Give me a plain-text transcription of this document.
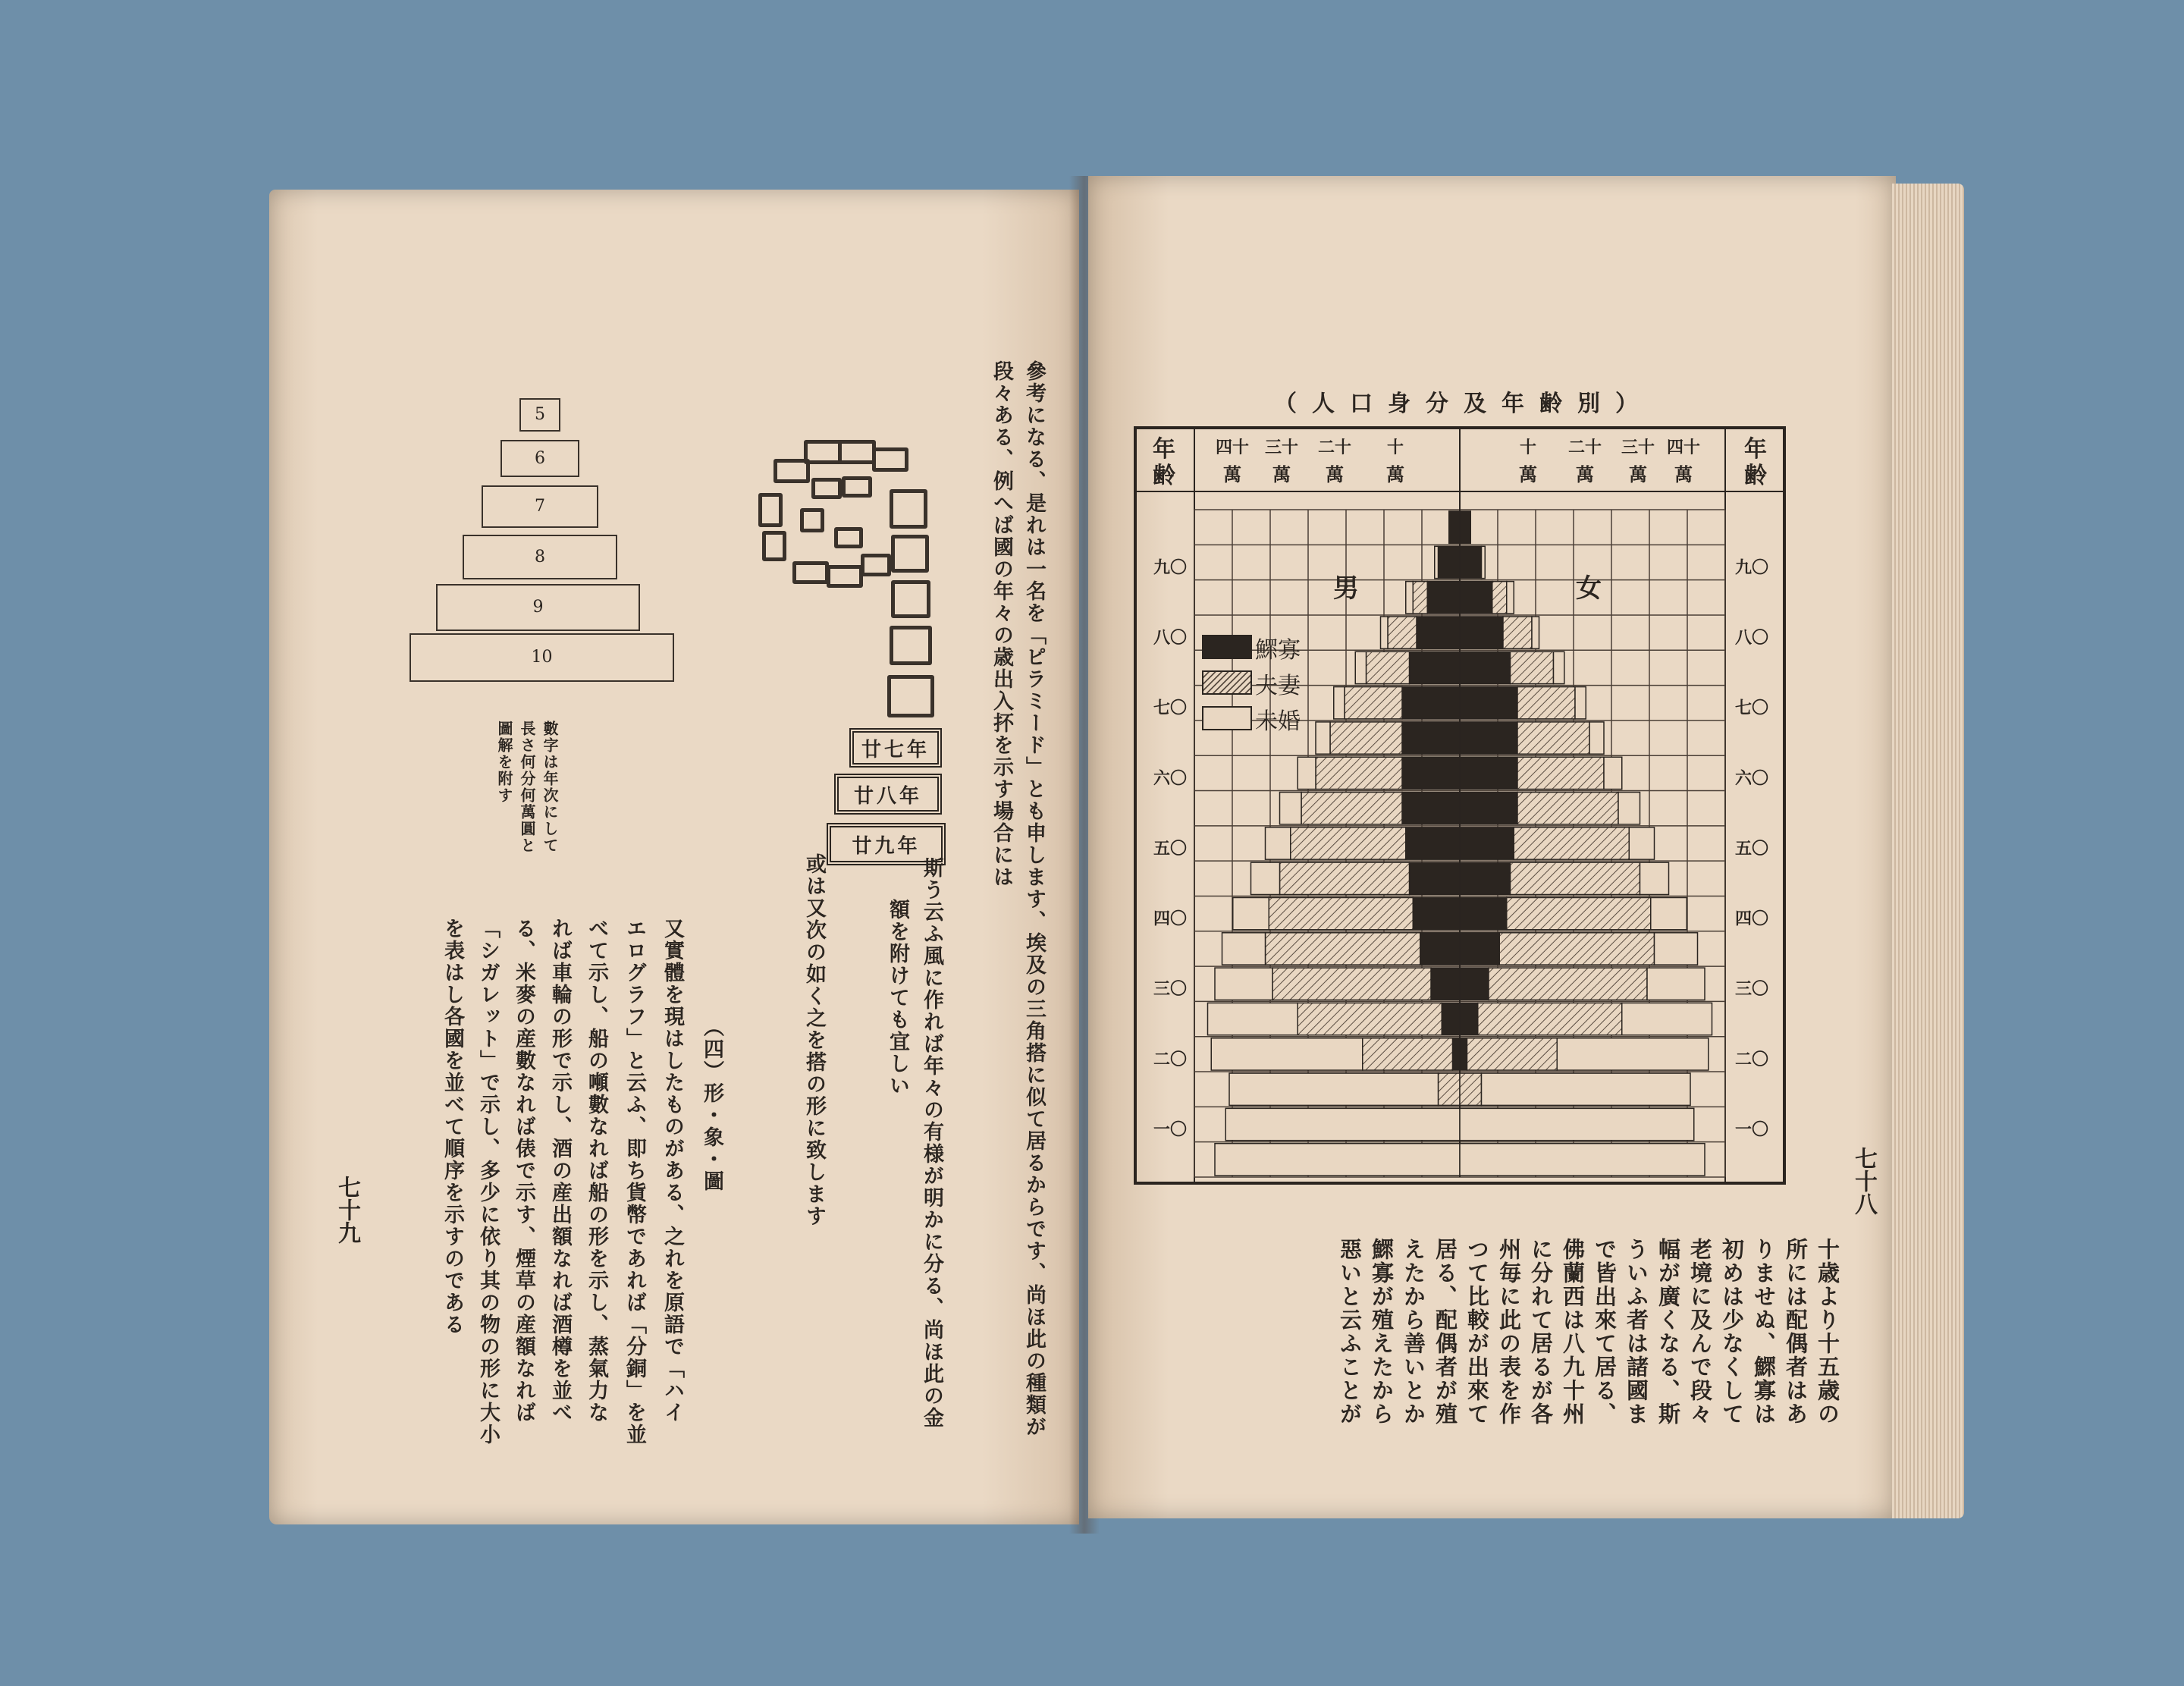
5
6
7
8
9
10
圖解を附す 長さ何分何萬圓と 數字は年次にして	廿七年
廿八年
廿九年	參考になる、是れは一名を「ピラミード」とも申します、埃及の三角搭に似て居るからです、尚ほ此の種類が
段々ある、例へば國の年々の歳出入抔を示す場合には
斯う云ふ風に作れば年々の有様が明かに分る、尚ほ此の金
額を附けても宜しい
或は又次の如く之を搭の形に致します
（四）形・象・圖
又實體を現はしたものがある、之れを原語で「ハイ
エログラフ」と云ふ、即ち貨幣であれば「分銅」を並
べて示し、船の噸數なれば船の形を示し、蒸氣力な
れば車輪の形で示し、酒の産出額なれば酒樽を並べ
る、米麥の産數なれば俵で示す、煙草の産額なれば
「シガレット」で示し、多少に依り其の物の形に大小
を表はし各國を並べて順序を示すのである
七十九
（人口身分及年齢別）
年
齢
年
齢
九〇	九〇
八〇	八〇
七〇	七〇
六〇	六〇
五〇	五〇
四〇	四〇
三〇	三〇
二〇	二〇
一〇	一〇
四十
萬
三十
萬
二十
萬
十
萬
十
萬
二十
萬
三十
萬
四十
萬
男	女
鰥寡
夫妻
未婚
十歳より十五歳の
所には配偶者はあ
りませぬ、鰥寡は
初めは少なくして
老境に及んで段々
幅が廣くなる、斯
ういふ者は諸國ま
で皆出來て居る、
佛蘭西は八九十州
に分れて居るが各
州毎に此の表を作
つて比較が出來て
居る、配偶者が殖
えたから善いとか
鰥寡が殖えたから
惡いと云ふことが
七十八
